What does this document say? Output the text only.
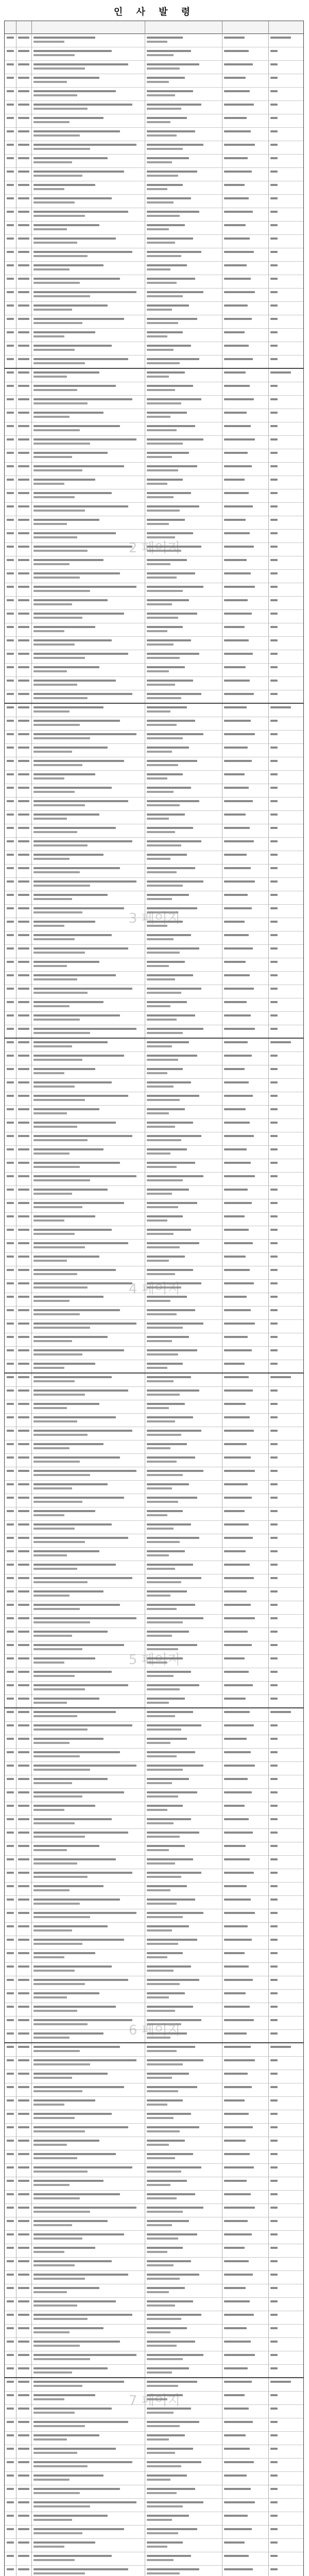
인 사 발 령
2 페이지
3 페이지
4 페이지
5 페이지
6 페이지
7 페이지
